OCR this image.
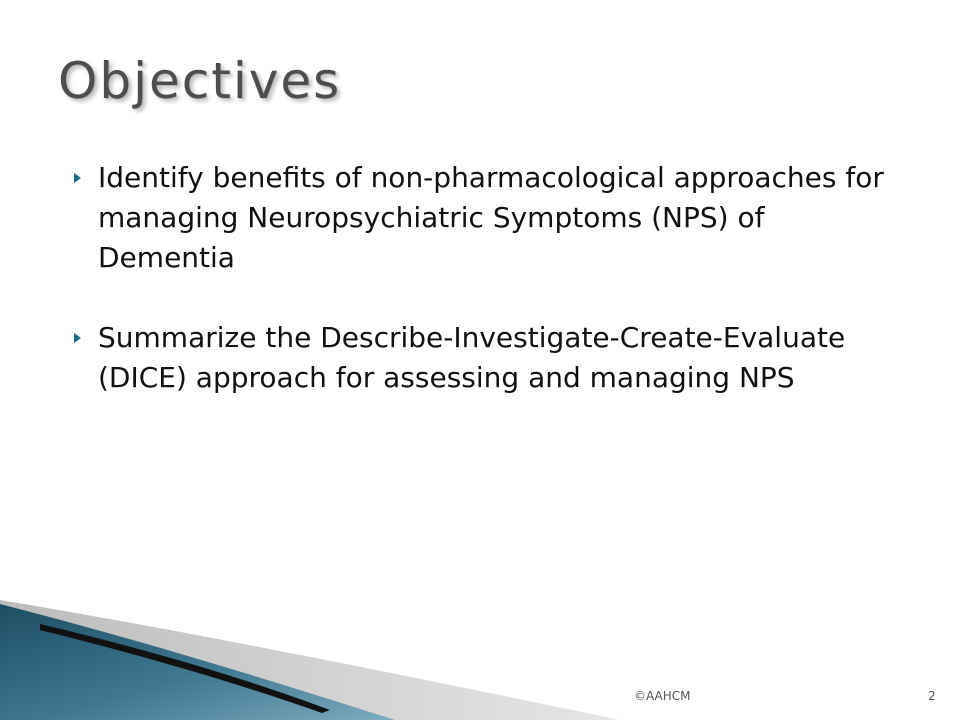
Objectives
Identify benefits of non-pharmacological approaches for managing Neuropsychiatric Symptoms (NPS) of Dementia
Summarize the Describe-Investigate-Create-Evaluate (DICE) approach for assessing and managing NPS
©AAHCM	2
